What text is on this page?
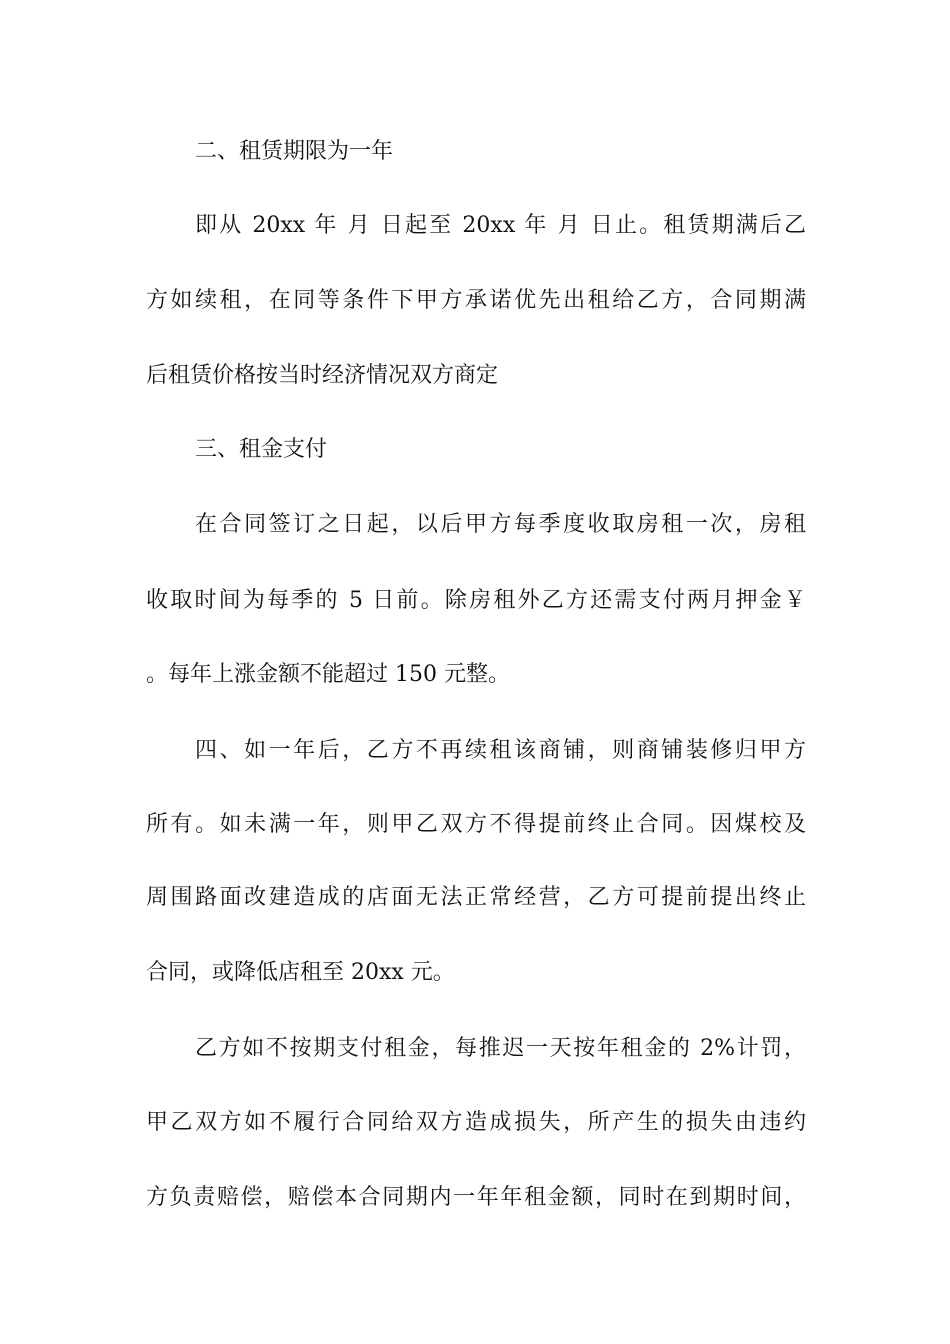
二、租赁期限为一年
即从 20xx 年 月 日起至 20xx 年 月 日止。租赁期满后乙
方如续租，在同等条件下甲方承诺优先出租给乙方，合同期满
后租赁价格按当时经济情况双方商定
三、租金支付
在合同签订之日起，以后甲方每季度收取房租一次，房租
收取时间为每季的 5 日前。除房租外乙方还需支付两月押金￥
。每年上涨金额不能超过 150 元整。
四、如一年后，乙方不再续租该商铺，则商铺装修归甲方
所有。如未满一年，则甲乙双方不得提前终止合同。因煤校及
周围路面改建造成的店面无法正常经营，乙方可提前提出终止
合同，或降低店租至 20xx 元。
乙方如不按期支付租金，每推迟一天按年租金的 2%计罚，
甲乙双方如不履行合同给双方造成损失，所产生的损失由违约
方负责赔偿，赔偿本合同期内一年年租金额，同时在到期时间，
